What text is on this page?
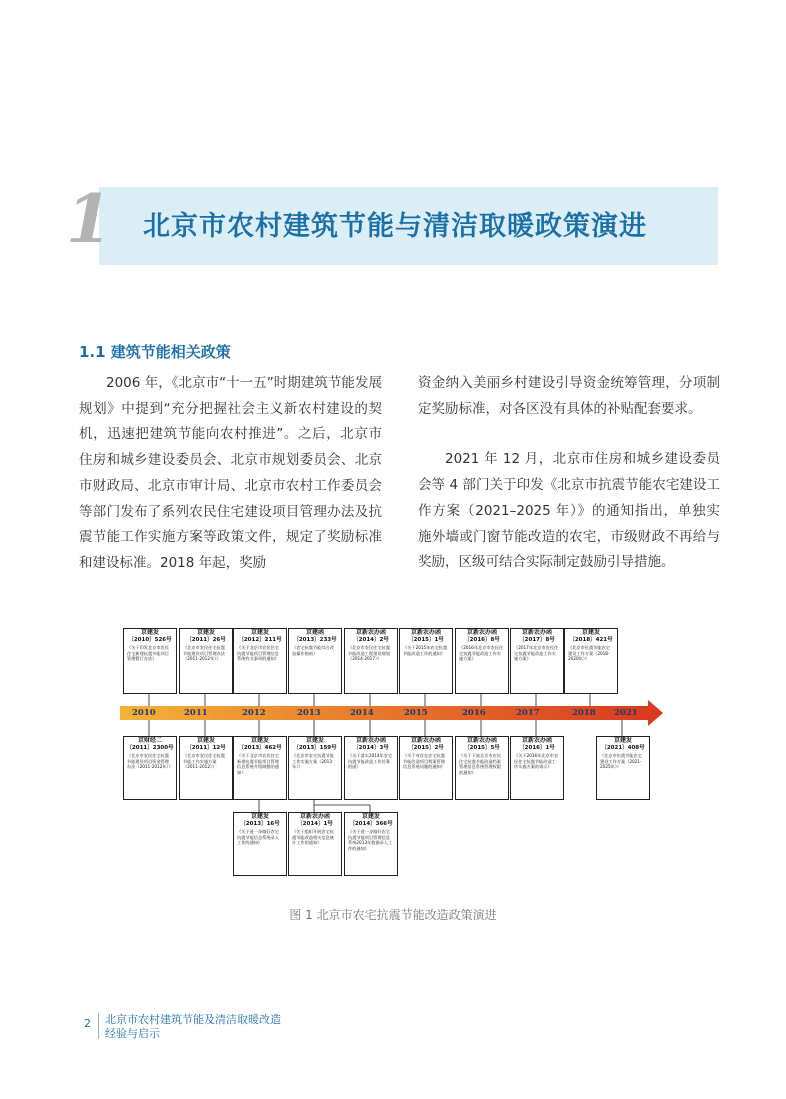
1 北京市农村建筑节能与清洁取暖政策演进
1.1 建筑节能相关政策

2006 年，《北京市“十一五”时期建筑节能发展规划》中提到“充分把握社会主义新农村建设的契机，迅速把建筑节能向农村推进”。之后，北京市住房和城乡建设委员会、北京市规划委员会、北京市财政局、北京市审计局、北京市农村工作委员会等部门发布了系列农民住宅建设项目管理办法及抗震节能工作实施方案等政策文件，规定了奖励标准和建设标准。2018 年起，奖励

资金纳入美丽乡村建设引导资金统筹管理，分项制定奖励标准，对各区没有具体的补贴配套要求。

2021 年 12 月，北京市住房和城乡建设委员会等 4 部门关于印发《北京市抗震节能农宅建设工作方案（2021–2025 年）》的通知指出，单独实施外墙或门窗节能改造的农宅，市级财政不再给与奖励，区级可结合实际制定鼓励引导措施。

2010	2011	2012	2013	2014	2015	2016	2017	2018 2021
京建发
〔2010〕526号
《关于印发北京市农民住宅新建抗震节能项目管理暂行办法》
京建发
〔2011〕26号
《北京市农民住宅抗震节能建设项目管理办法（2011-2012年）》
京建发
〔2012〕211号
《关于北京市农民住宅抗震节能项目管理信息系统有关事项的通知》
京建函
〔2013〕233号
《农宅抗震节能综合改造操作指南》
京新农办函
〔2014〕2号
《北京市农民住宅抗震节能改造工程建设规划（2014-2017）》
京新农办函
〔2015〕1号
《关于2015年农宅抗震节能改造工作的通知》
京新农办函
〔2016〕8号
《2016年北京市农民住宅抗震节能改造工作实施方案》
京新农办函
〔2017〕8号
《2017年北京市农民住宅抗震节能改造工作实施方案》
京建发
〔2018〕421号
《北京市抗震节能农宅建设工作方案（2018-2020年）》
京财经二
〔2011〕2300号
《北京市农民住宅抗震节能建设项目资金管理办法（2011-2012年）》
京建发
〔2011〕12号
《北京市农民住宅抗震节能工作实施方案（2011-2012）》
京建发
〔2013〕462号
《关于北京市农民住宅新建抗震节能项目管理信息系统升级调整的通知》
京建发
〔2013〕159号
《北京市农宅抗震节能工作实施方案（2013年）》
京新农办函
〔2014〕3号
《关于落实2014年农宅抗震节能改造工作任务的函》
京新农办函
〔2015〕2号
《关于对存在农宅抗震节能改造项目档案管理信息系统问题的通知》
京新农办函
〔2015〕5号
《关于下放北京市农民住宅抗震节能改造档案管理信息系统管理权限的通知》
京新农办函
〔2016〕1号
《关于2016年北京市农民住宅抗震节能改造工作实施方案的请示》
京建发
〔2021〕408号
《北京市抗震节能农宅建设工作方案（2021-2025年）》
京建发
〔2013〕16号
《关于进一步做好农宅抗震节能信息系统录入工作的通知》
京新农办函
〔2014〕1号
《关于组织开展农宅抗震节能改造相关信息统计工作的通知》
京建发
〔2014〕366号
《关于进一步做好农宅抗震节能项目管理信息系统2013年数据录入工作的通知》
图 1 北京市农宅抗震节能改造政策演进
2 北京市农村建筑节能及清洁取暖改造
经验与启示
